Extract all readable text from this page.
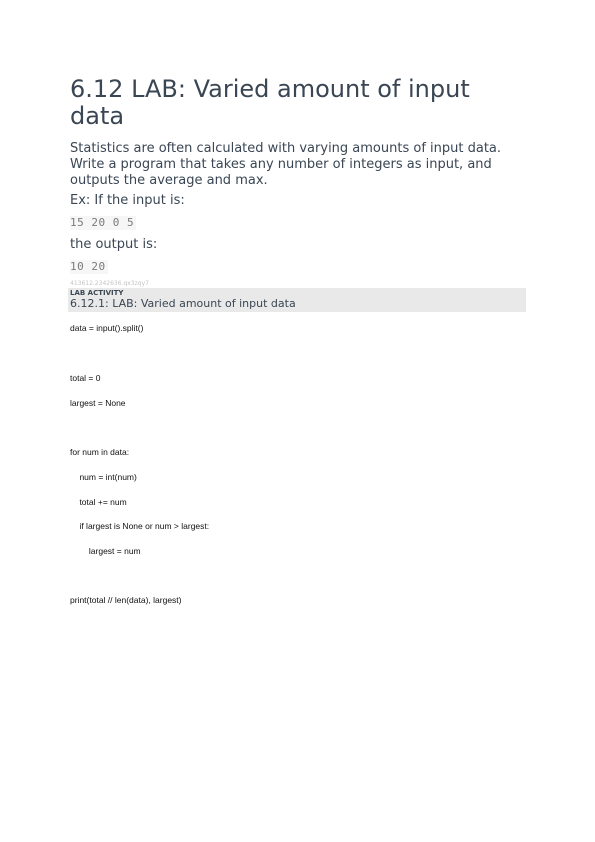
6.12 LAB: Varied amount of input data

Statistics are often calculated with varying amounts of input data. Write a program that takes any number of integers as input, and outputs the average and max.

Ex: If the input is:

15 20 0 5

the output is:

10 20
413612.2342636.qx3zqy7
LAB ACTIVITY
6.12.1: LAB: Varied amount of input data
data = input().split()
total = 0
largest = None
for num in data:
num = int(num)
total += num
if largest is None or num > largest:
largest = num
print(total // len(data), largest)
